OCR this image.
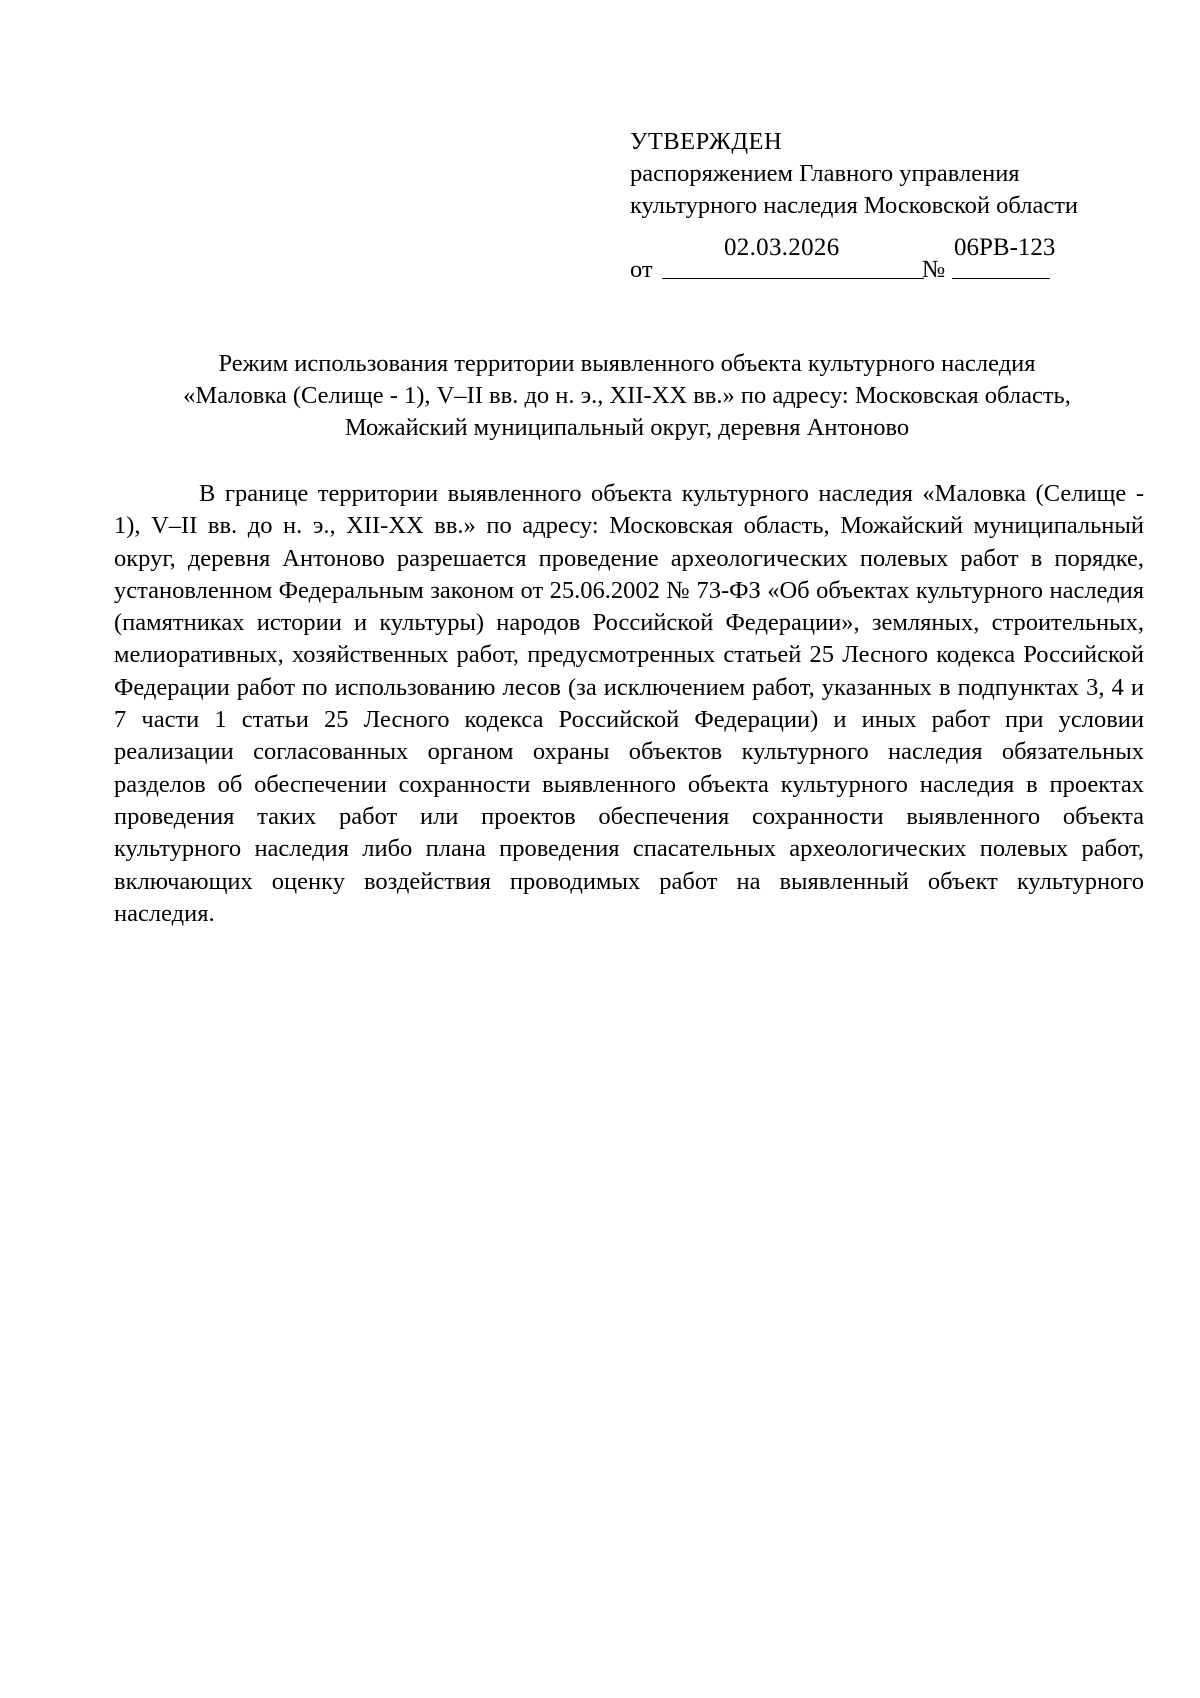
УТВЕРЖДЕН
распоряжением Главного управления
культурного наследия Московской области
от
02.03.2026
№
06РВ-123
Режим использования территории выявленного объекта культурного наследия
«Маловка (Селище - 1), V–II вв. до н. э., XII-XX вв.» по адресу: Московская область,
Можайский муниципальный округ, деревня Антоново

В границе территории выявленного объекта культурного наследия «Маловка (Селище - 1), V–II вв. до н. э., XII-XX вв.» по адресу: Московская область, Можайский муниципальный округ, деревня Антоново разрешается проведение археологических полевых работ в порядке, установленном Федеральным законом от 25.06.2002 № 73-ФЗ «Об объектах культурного наследия (памятниках истории и культуры) народов Российской Федерации», земляных, строительных, мелиоративных, хозяйственных работ, предусмотренных статьей 25 Лесного кодекса Российской Федерации работ по использованию лесов (за исключением работ, указанных в подпунктах 3, 4 и 7 части 1 статьи 25 Лесного кодекса Российской Федерации) и иных работ при условии реализации согласованных органом охраны объектов культурного наследия обязательных разделов об обеспечении сохранности выявленного объекта культурного наследия в проектах проведения таких работ или проектов обеспечения сохранности выявленного объекта культурного наследия либо плана проведения спасательных археологических полевых работ, включающих оценку воздействия проводимых работ на выявленный объект культурного наследия.
